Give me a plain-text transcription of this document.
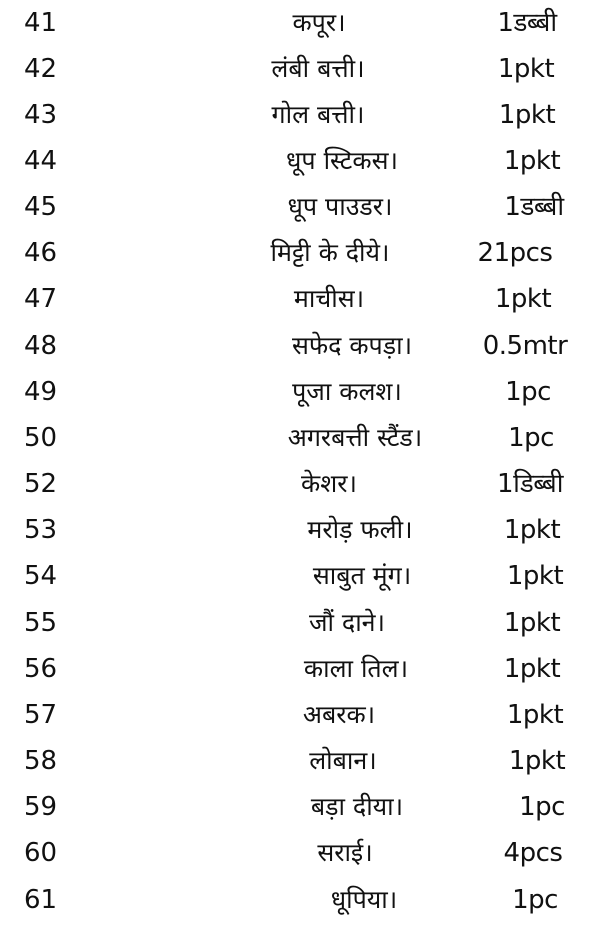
41	कपूर।	1डब्बी
42	लंबी बत्ती।	1pkt
43	गोल बत्ती।	1pkt
44	धूप स्टिकस।	1pkt
45	धूप पाउडर।	1डब्बी
46	मिट्टी के दीये।	21pcs
47	माचीस।	1pkt
48	सफेद कपड़ा।	0.5mtr
49	पूजा कलश।	1pc
50	अगरबत्ती स्टैंड।	1pc
52	केशर।	1डिब्बी
53	मरोड़ फली।	1pkt
54	साबुत मूंग।	1pkt
55	जौं दाने।	1pkt
56	काला तिल।	1pkt
57	अबरक।	1pkt
58	लोबान।	1pkt
59	बड़ा दीया।	1pc
60	सराई।	4pcs
61	धूपिया।	1pc
